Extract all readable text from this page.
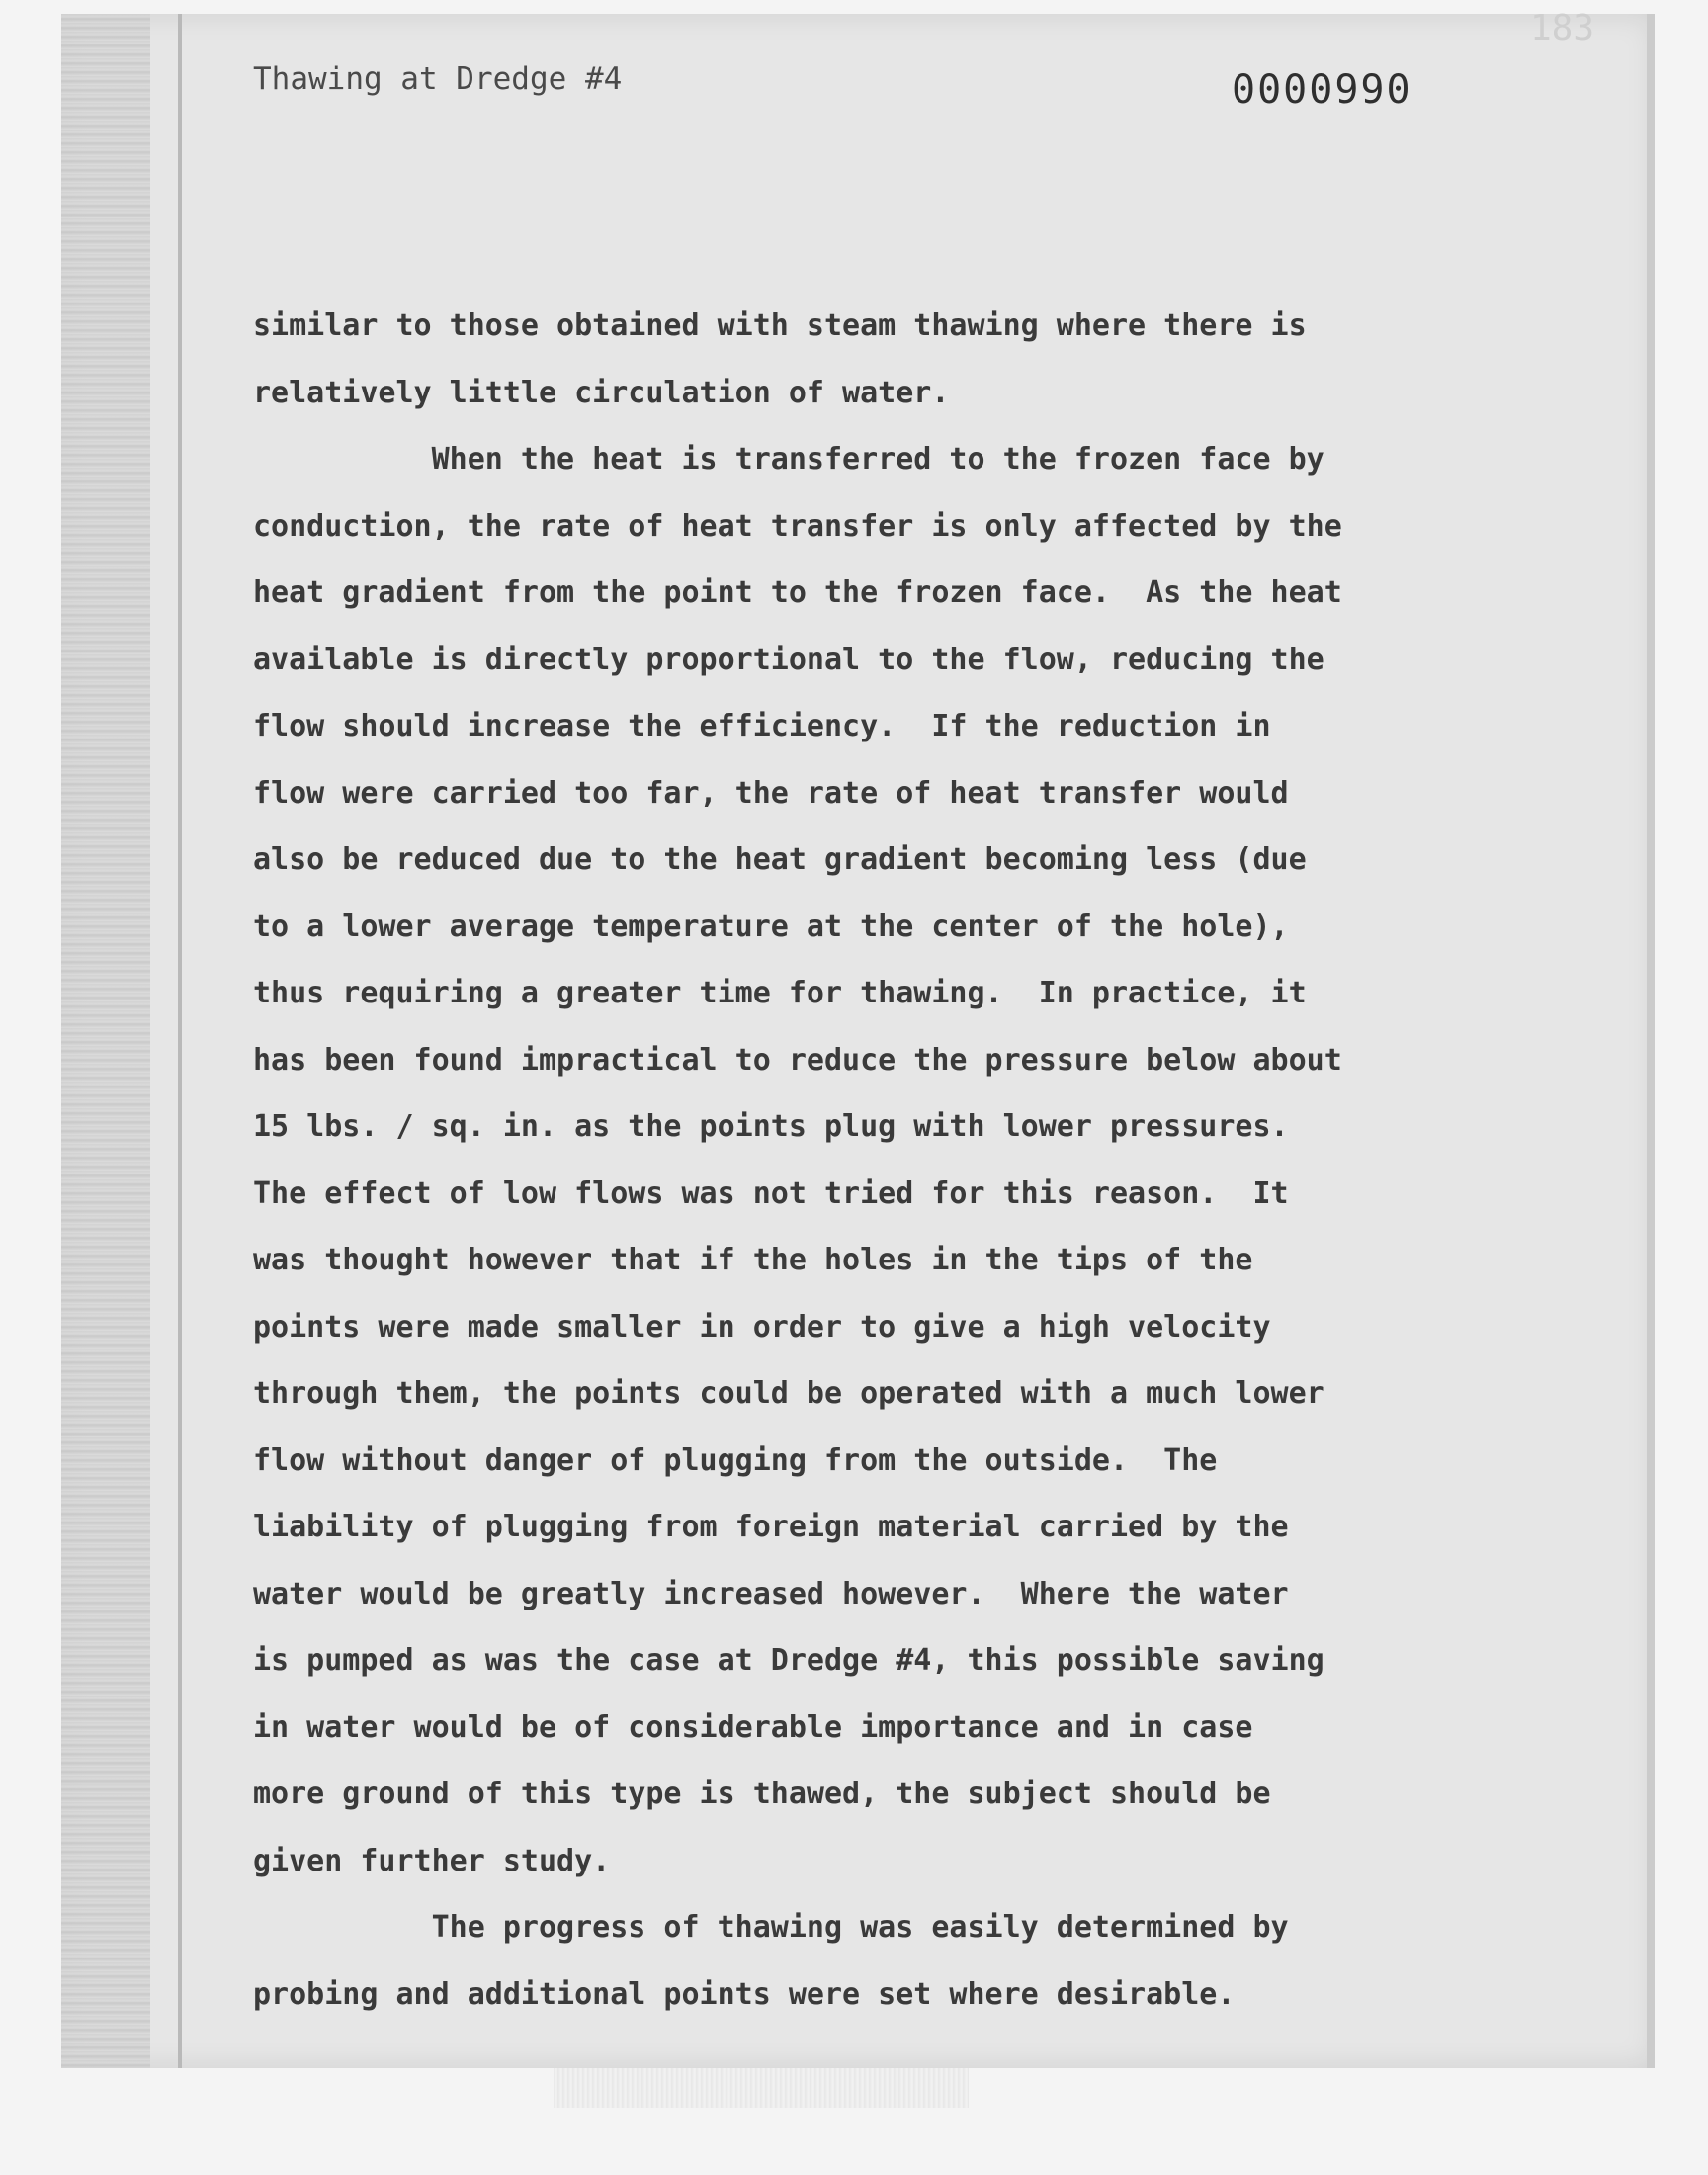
183
Thawing at Dredge #4	0000990
similar to those obtained with steam thawing where there is
relatively little circulation of water.
When the heat is transferred to the frozen face by
conduction, the rate of heat transfer is only affected by the
heat gradient from the point to the frozen face.  As the heat
available is directly proportional to the flow, reducing the
flow should increase the efficiency.  If the reduction in
flow were carried too far, the rate of heat transfer would
also be reduced due to the heat gradient becoming less (due
to a lower average temperature at the center of the hole),
thus requiring a greater time for thawing.  In practice, it
has been found impractical to reduce the pressure below about
15 lbs. / sq. in. as the points plug with lower pressures.
The effect of low flows was not tried for this reason.  It
was thought however that if the holes in the tips of the
points were made smaller in order to give a high velocity
through them, the points could be operated with a much lower
flow without danger of plugging from the outside.  The
liability of plugging from foreign material carried by the
water would be greatly increased however.  Where the water
is pumped as was the case at Dredge #4, this possible saving
in water would be of considerable importance and in case
more ground of this type is thawed, the subject should be
given further study.
The progress of thawing was easily determined by
probing and additional points were set where desirable.
